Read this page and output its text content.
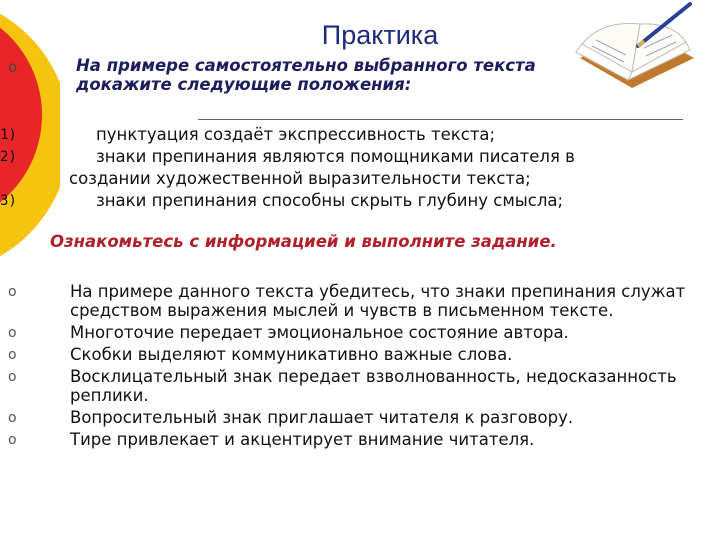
Практика
o	На примере самостоятельно выбранного текста докажите следующие положения:
1)	пунктуация создаёт экспрессивность текста;
2)	знаки препинания являются помощниками писателя в
создании художественной выразительности текста;
3)	знаки препинания способны скрыть глубину смысла;
Ознакомьтесь с информацией и выполните задание.
o	На примере данного текста убедитесь, что знаки препинания служат средством выражения мыслей и чувств в письменном тексте.
o	Многоточие передает эмоциональное состояние автора.
o	Скобки выделяют коммуникативно важные слова.
o	Восклицательный знак передает взволнованность, недосказанность реплики.
o	Вопросительный знак приглашает читателя к разговору.
o	Тире привлекает и акцентирует внимание читателя.
